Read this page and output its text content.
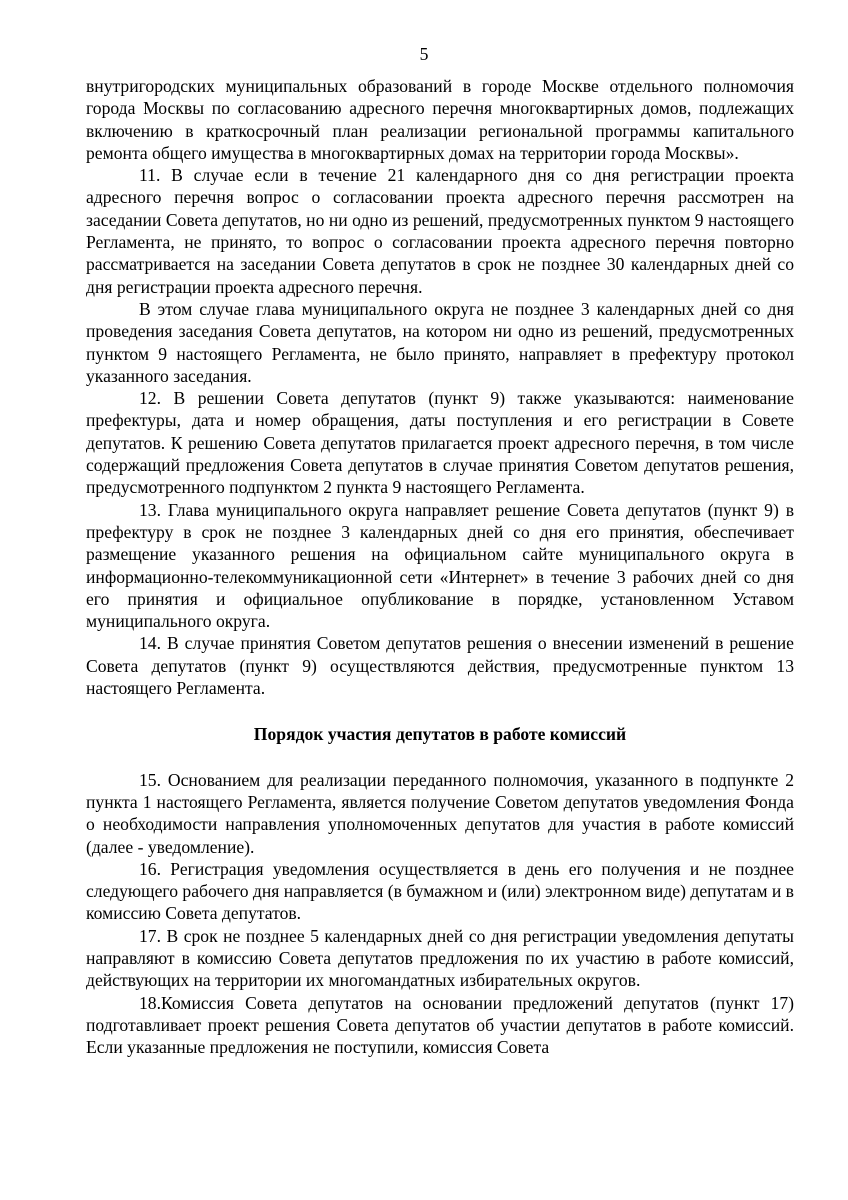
5

внутригородских муниципальных образований в городе Москве отдельного полномочия города Москвы по согласованию адресного перечня многоквартирных домов, подлежащих включению в краткосрочный план реализации региональной программы капитального ремонта общего имущества в многоквартирных домах на территории города Москвы».

11. В случае если в течение 21 календарного дня со дня регистрации проекта адресного перечня вопрос о согласовании проекта адресного перечня рассмотрен на заседании Совета депутатов, но ни одно из решений, предусмотренных пунктом 9 настоящего Регламента, не принято, то вопрос о согласовании проекта адресного перечня повторно рассматривается на заседании Совета депутатов в срок не позднее 30 календарных дней со дня регистрации проекта адресного перечня.

В этом случае глава муниципального округа не позднее 3 календарных дней со дня проведения заседания Совета депутатов, на котором ни одно из решений, предусмотренных пунктом 9 настоящего Регламента, не было принято, направляет в префектуру протокол указанного заседания.

12. В решении Совета депутатов (пункт 9) также указываются: наименование префектуры, дата и номер обращения, даты поступления и его регистрации в Совете депутатов. К решению Совета депутатов прилагается проект адресного перечня, в том числе содержащий предложения Совета депутатов в случае принятия Советом депутатов решения, предусмотренного подпунктом 2 пункта 9 настоящего Регламента.

13. Глава муниципального округа направляет решение Совета депутатов (пункт 9) в префектуру в срок не позднее 3 календарных дней со дня его принятия, обеспечивает размещение указанного решения на официальном сайте муниципального округа в информационно-телекоммуникационной сети «Интернет» в течение 3 рабочих дней со дня его принятия и официальное опубликование в порядке, установленном Уставом муниципального округа.

14. В случае принятия Советом депутатов решения о внесении изменений в решение Совета депутатов (пункт 9) осуществляются действия, предусмотренные пунктом 13 настоящего Регламента.

Порядок участия депутатов в работе комиссий

15. Основанием для реализации переданного полномочия, указанного в подпункте 2 пункта 1 настоящего Регламента, является получение Советом депутатов уведомления Фонда о необходимости направления уполномоченных депутатов для участия в работе комиссий (далее - уведомление).

16. Регистрация уведомления осуществляется в день его получения и не позднее следующего рабочего дня направляется (в бумажном и (или) электронном виде) депутатам и в комиссию Совета депутатов.

17. В срок не позднее 5 календарных дней со дня регистрации уведомления депутаты направляют в комиссию Совета депутатов предложения по их участию в работе комиссий, действующих на территории их многомандатных избирательных округов.

18.Комиссия Совета депутатов на основании предложений депутатов (пункт 17) подготавливает проект решения Совета депутатов об участии депутатов в работе комиссий. Если указанные предложения не поступили, комиссия Совета
